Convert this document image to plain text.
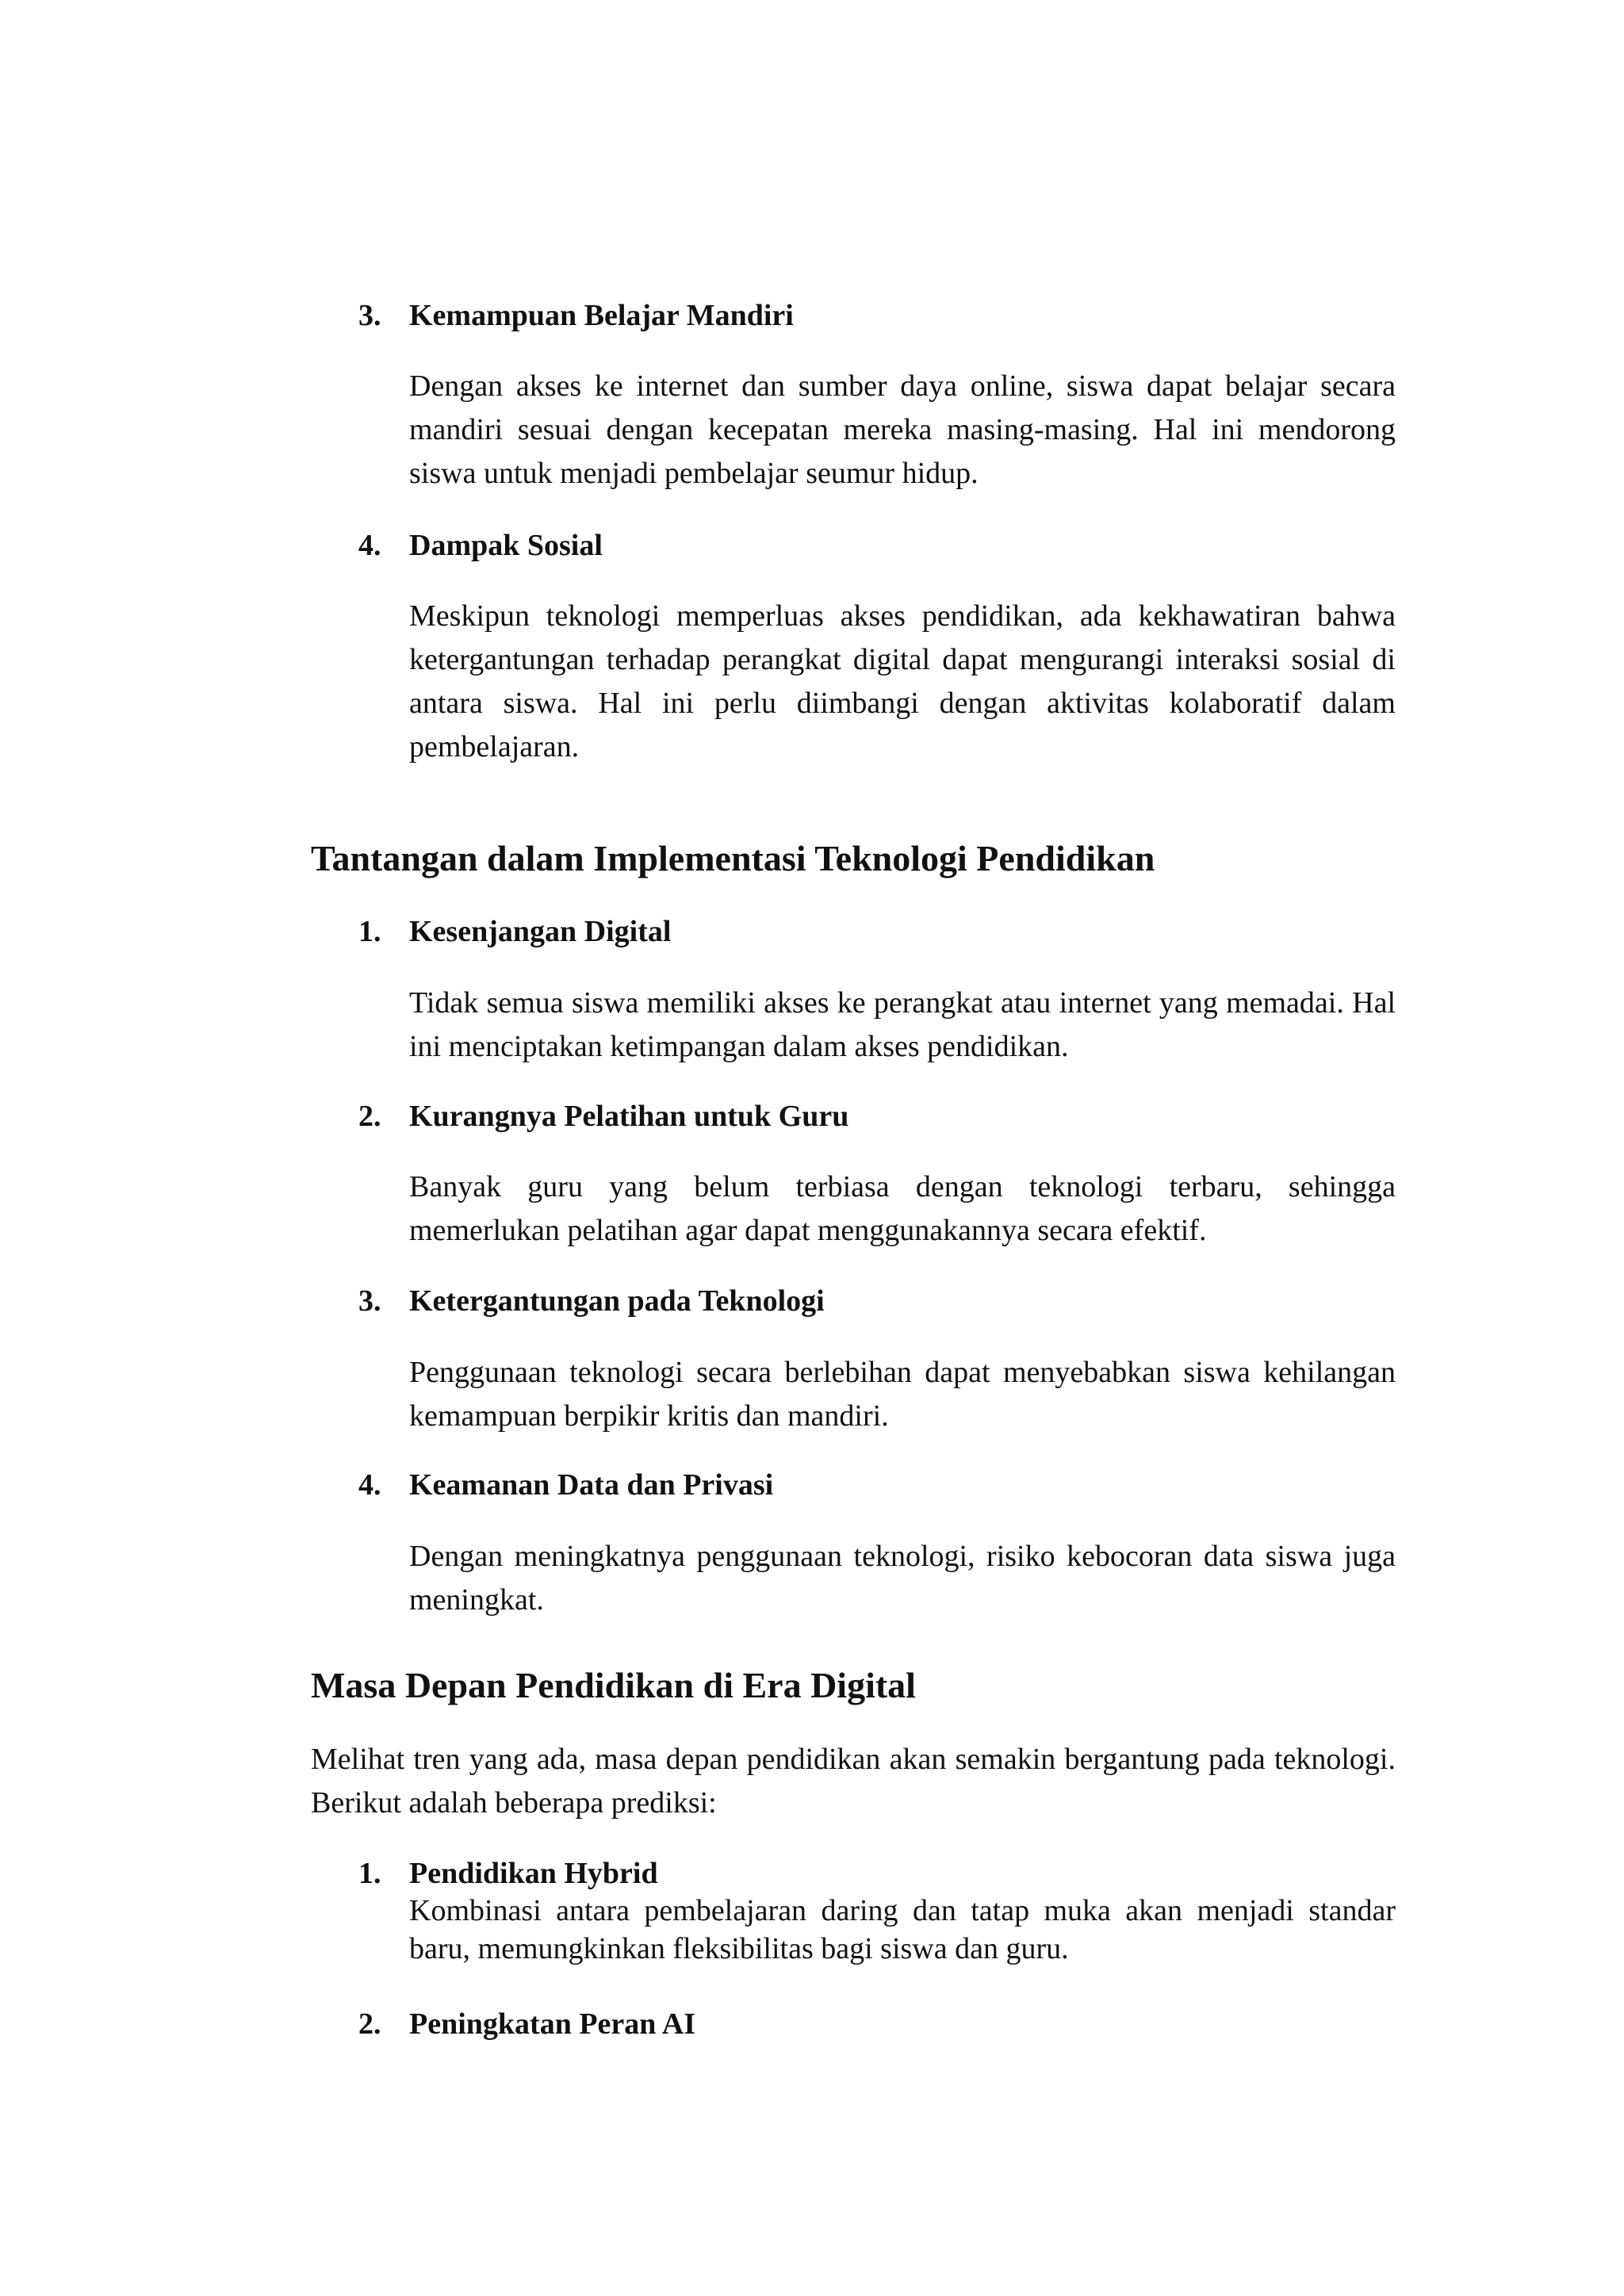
3. Kemampuan Belajar Mandiri

Dengan akses ke internet dan sumber daya online, siswa dapat belajar secara mandiri sesuai dengan kecepatan mereka masing-masing. Hal ini mendorong siswa untuk menjadi pembelajar seumur hidup.

4. Dampak Sosial

Meskipun teknologi memperluas akses pendidikan, ada kekhawatiran bahwa ketergantungan terhadap perangkat digital dapat mengurangi interaksi sosial di antara siswa. Hal ini perlu diimbangi dengan aktivitas kolaboratif dalam pembelajaran.

Tantangan dalam Implementasi Teknologi Pendidikan
1. Kesenjangan Digital

Tidak semua siswa memiliki akses ke perangkat atau internet yang memadai. Hal ini menciptakan ketimpangan dalam akses pendidikan.

2. Kurangnya Pelatihan untuk Guru

Banyak guru yang belum terbiasa dengan teknologi terbaru, sehingga memerlukan pelatihan agar dapat menggunakannya secara efektif.

3. Ketergantungan pada Teknologi

Penggunaan teknologi secara berlebihan dapat menyebabkan siswa kehilangan kemampuan berpikir kritis dan mandiri.

4. Keamanan Data dan Privasi

Dengan meningkatnya penggunaan teknologi, risiko kebocoran data siswa juga meningkat.

Masa Depan Pendidikan di Era Digital

Melihat tren yang ada, masa depan pendidikan akan semakin bergantung pada teknologi. Berikut adalah beberapa prediksi:

1. Pendidikan Hybrid

Kombinasi antara pembelajaran daring dan tatap muka akan menjadi standar baru, memungkinkan fleksibilitas bagi siswa dan guru.

2. Peningkatan Peran AI
